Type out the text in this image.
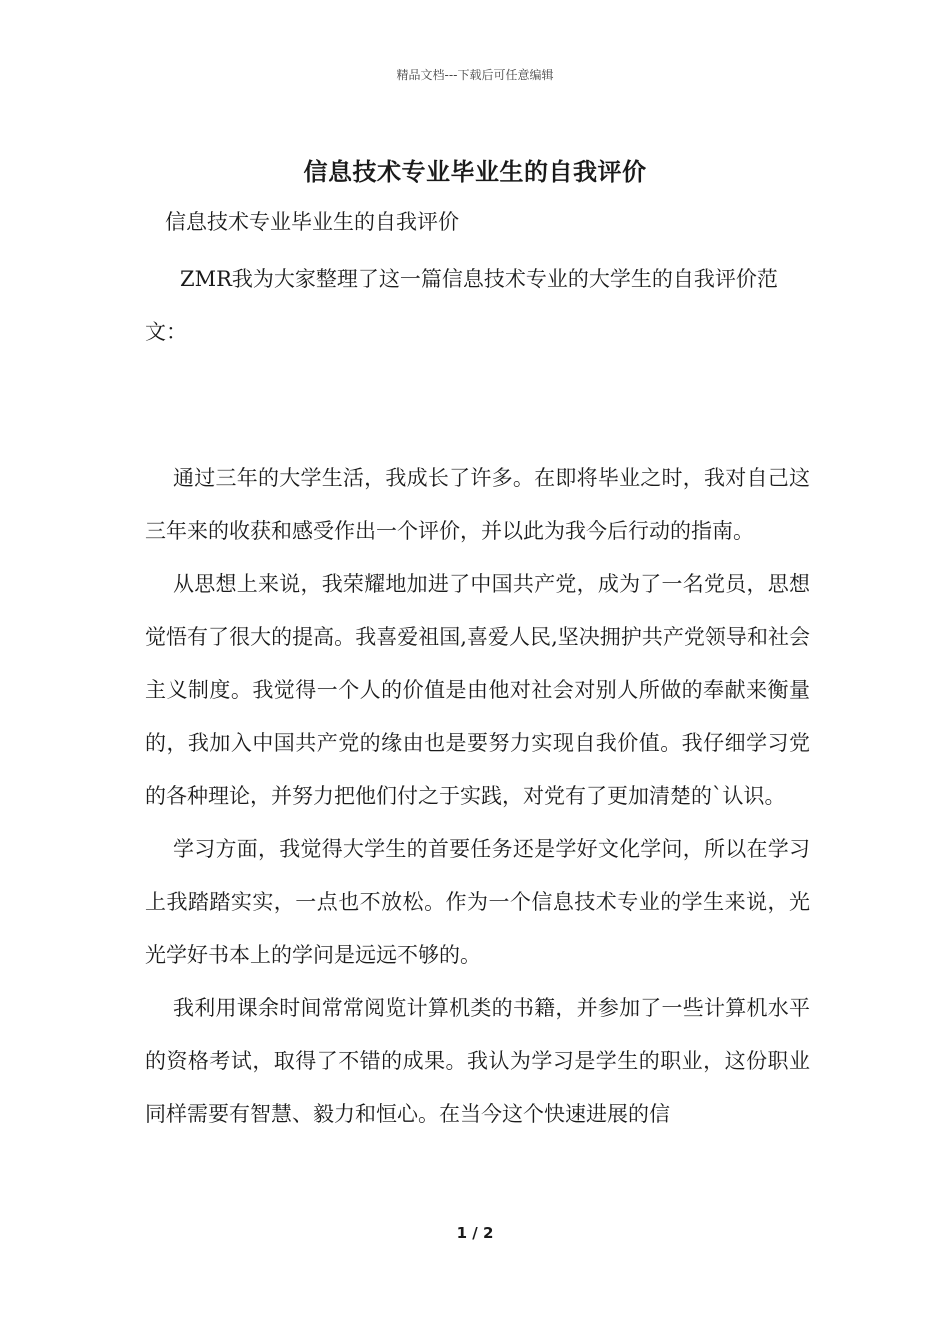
精品文档---下载后可任意编辑
信息技术专业毕业生的自我评价
信息技术专业毕业生的自我评价
ZMR我为大家整理了这一篇信息技术专业的大学生的自我评价范文：

通过三年的大学生活，我成长了许多。在即将毕业之时，我对自己这三年来的收获和感受作出一个评价，并以此为我今后行动的指南。

从思想上来说，我荣耀地加进了中国共产党，成为了一名党员，思想觉悟有了很大的提高。我喜爱祖国,喜爱人民,坚决拥护共产党领导和社会主义制度。我觉得一个人的价值是由他对社会对别人所做的奉献来衡量的，我加入中国共产党的缘由也是要努力实现自我价值。我仔细学习党的各种理论，并努力把他们付之于实践，对党有了更加清楚的`认识。

学习方面，我觉得大学生的首要任务还是学好文化学问，所以在学习上我踏踏实实，一点也不放松。作为一个信息技术专业的学生来说，光光学好书本上的学问是远远不够的。

我利用课余时间常常阅览计算机类的书籍，并参加了一些计算机水平的资格考试，取得了不错的成果。我认为学习是学生的职业，这份职业同样需要有智慧、毅力和恒心。在当今这个快速进展的信

1 / 2
